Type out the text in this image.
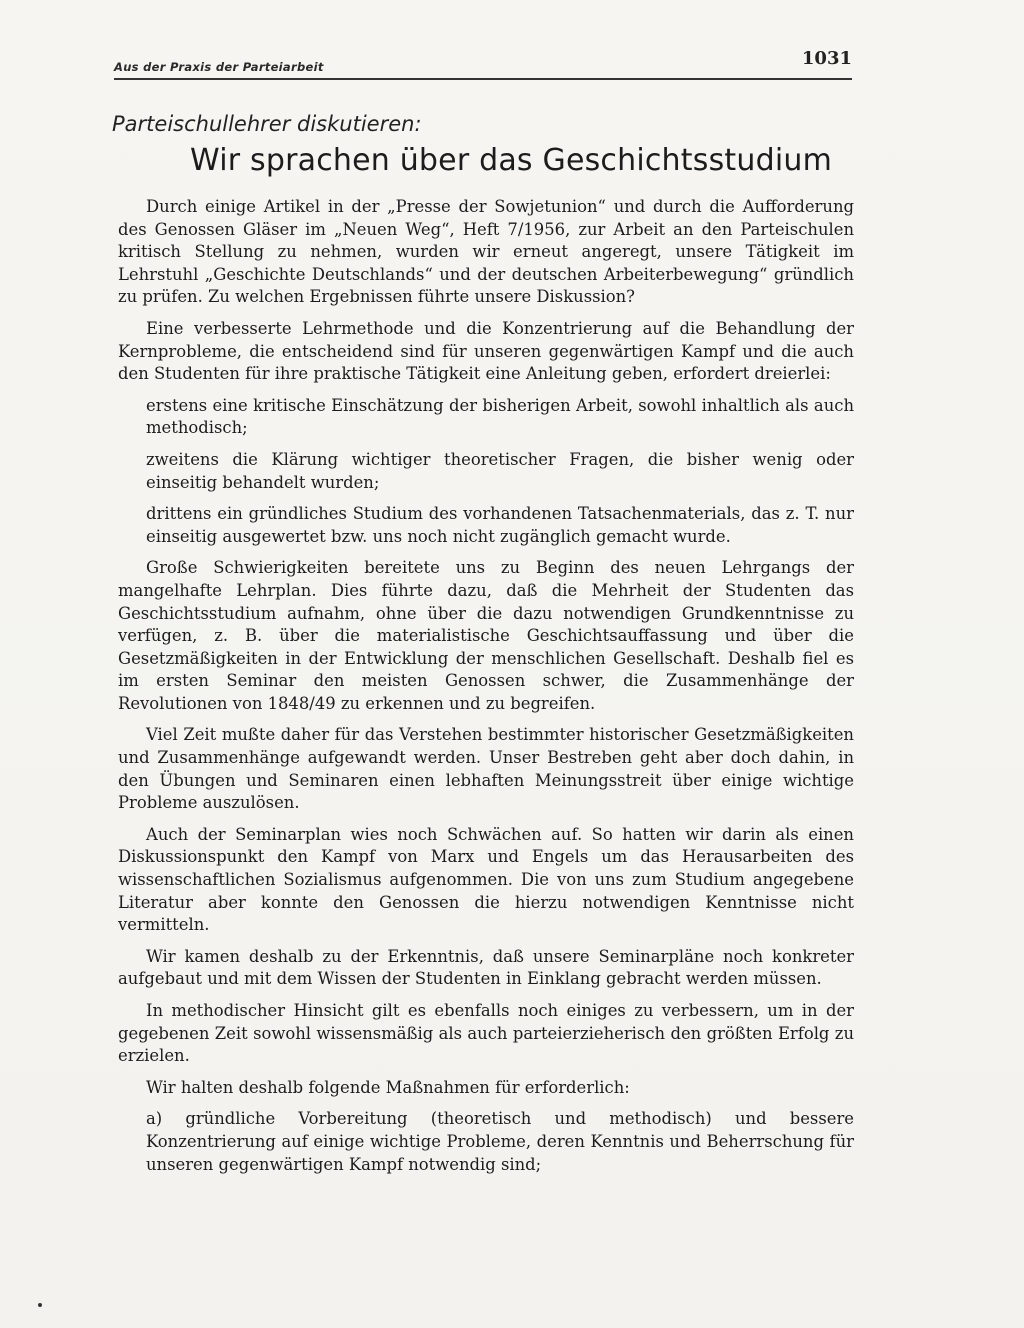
Aus der Praxis der Parteiarbeit	1031
Parteischullehrer diskutieren:
Wir sprachen über das Geschichtsstudium

Durch einige Artikel in der „Presse der Sowjetunion“ und durch die Aufforderung des Genossen Gläser im „Neuen Weg“, Heft 7/1956, zur Arbeit an den Parteischulen kritisch Stellung zu nehmen, wurden wir erneut angeregt, unsere Tätigkeit im Lehrstuhl „Geschichte Deutschlands“ und der deutschen Arbeiterbewegung“ gründlich zu prüfen. Zu welchen Ergebnissen führte unsere Diskussion?

Eine verbesserte Lehrmethode und die Konzentrierung auf die Behandlung der Kernprobleme, die entscheidend sind für unseren gegenwärtigen Kampf und die auch den Studenten für ihre praktische Tätigkeit eine Anleitung geben, erfordert dreierlei:

erstens eine kritische Einschätzung der bisherigen Arbeit, sowohl inhaltlich als auch methodisch;

zweitens die Klärung wichtiger theoretischer Fragen, die bisher wenig oder einseitig behandelt wurden;

drittens ein gründliches Studium des vorhandenen Tatsachenmaterials, das z. T. nur einseitig ausgewertet bzw. uns noch nicht zugänglich gemacht wurde.

Große Schwierigkeiten bereitete uns zu Beginn des neuen Lehrgangs der mangelhafte Lehrplan. Dies führte dazu, daß die Mehrheit der Studenten das Geschichtsstudium aufnahm, ohne über die dazu notwendigen Grundkenntnisse zu verfügen, z. B. über die materialistische Geschichtsauffassung und über die Gesetzmäßigkeiten in der Entwicklung der menschlichen Gesellschaft. Deshalb fiel es im ersten Seminar den meisten Genossen schwer, die Zusammenhänge der Revolutionen von 1848/49 zu erkennen und zu begreifen.

Viel Zeit mußte daher für das Verstehen bestimmter historischer Gesetzmäßigkeiten und Zusammenhänge aufgewandt werden. Unser Bestreben geht aber doch dahin, in den Übungen und Seminaren einen lebhaften Meinungsstreit über einige wichtige Probleme auszulösen.

Auch der Seminarplan wies noch Schwächen auf. So hatten wir darin als einen Diskussionspunkt den Kampf von Marx und Engels um das Herausarbeiten des wissenschaftlichen Sozialismus aufgenommen. Die von uns zum Studium angegebene Literatur aber konnte den Genossen die hierzu notwendigen Kenntnisse nicht vermitteln.

Wir kamen deshalb zu der Erkenntnis, daß unsere Seminarpläne noch konkreter aufgebaut und mit dem Wissen der Studenten in Einklang gebracht werden müssen.

In methodischer Hinsicht gilt es ebenfalls noch einiges zu verbessern, um in der gegebenen Zeit sowohl wissensmäßig als auch parteierzieherisch den größten Erfolg zu erzielen.

Wir halten deshalb folgende Maßnahmen für erforderlich:

a) gründliche Vorbereitung (theoretisch und methodisch) und bessere Konzentrierung auf einige wichtige Probleme, deren Kenntnis und Beherrschung für unseren gegenwärtigen Kampf notwendig sind;
